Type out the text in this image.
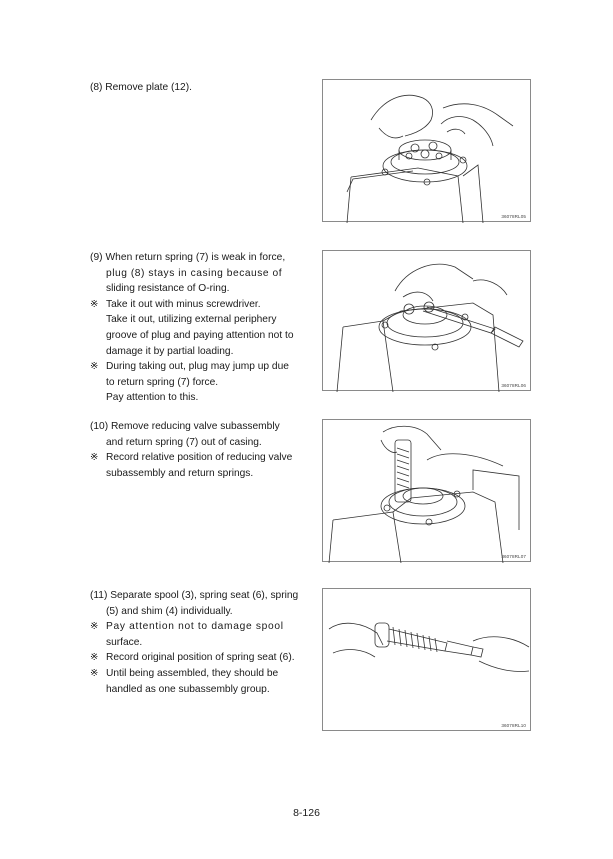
(8) Remove plate (12).
(9) When return spring (7) is weak in force,
plug (8) stays in casing because of
sliding resistance of O-ring.
※ Take it out with minus screwdriver.
Take it out, utilizing external periphery
groove of plug and paying attention not to
damage it by partial loading.
※ During taking out, plug may jump up due
to return spring (7) force.
Pay attention to this.
(10) Remove reducing valve subassembly
and return spring (7) out of casing.
※ Record relative position of reducing valve
subassembly and return springs.
(11) Separate spool (3), spring seat (6), spring
(5) and shim (4) individually.
※ Pay attention not to damage spool
surface.
※ Record original position of spring seat (6).
※ Until being assembled, they should be
handled as one subassembly group.
36078RL05
36078RL06
36078RL07
36078RL10
8-126
